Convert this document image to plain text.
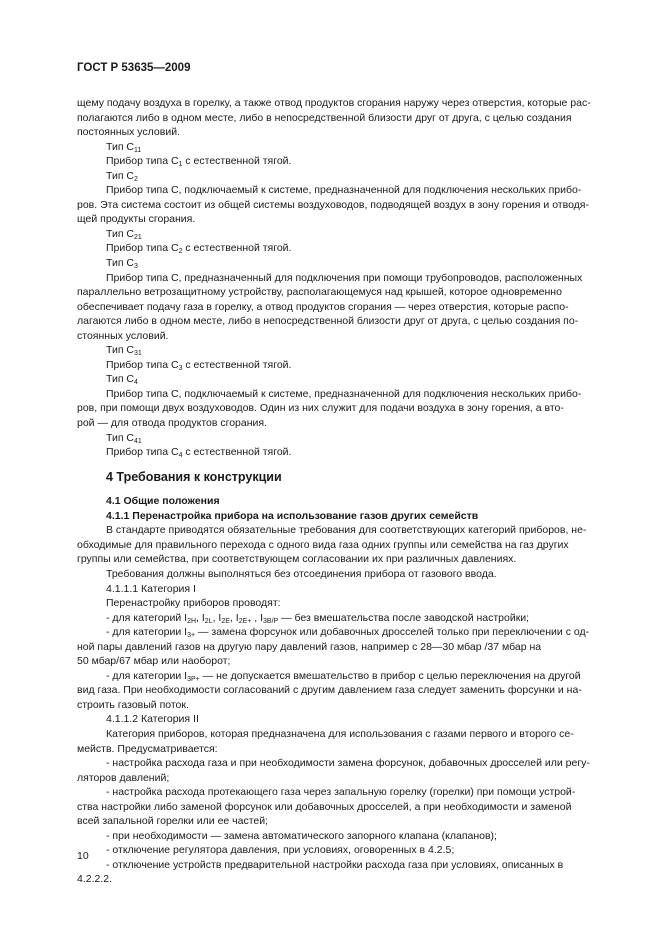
ГОСТ Р 53635—2009

щему подачу воздуха в горелку, а также отвод продуктов сгорания наружу через отверстия, которые рас-

полагаются либо в одном месте, либо в непосредственной близости друг от друга, с целью создания

постоянных условий.

Тип $C_{11}$

Прибор типа $C_1$ с естественной тягой.

Тип $C_2$

Прибор типа C, подключаемый к системе, предназначенной для подключения нескольких прибо-

ров. Эта система состоит из общей системы воздуховодов, подводящей воздух в зону горения и отводя-

щей продукты сгорания.

Тип $C_{21}$

Прибор типа $C_2$ с естественной тягой.

Тип $C_3$

Прибор типа C, предназначенный для подключения при помощи трубопроводов, расположенных

параллельно ветрозащитному устройству, располагающемуся над крышей, которое одновременно

обеспечивает подачу газа в горелку, а отвод продуктов сгорания — через отверстия, которые распо-

лагаются либо в одном месте, либо в непосредственной близости друг от друга, с целью создания по-

стоянных условий.

Тип $C_{31}$

Прибор типа $C_3$ с естественной тягой.

Тип $C_4$

Прибор типа C, подключаемый к системе, предназначенной для подключения нескольких прибо-

ров, при помощи двух воздуховодов. Один из них служит для подачи воздуха в зону горения, а вто-

рой — для отвода продуктов сгорания.

Тип $C_{41}$

Прибор типа $C_4$ с естественной тягой.

4 Требования к конструкции

4.1 Общие положения

4.1.1 Перенастройка прибора на использование газов других семейств

В стандарте приводятся обязательные требования для соответствующих категорий приборов, не-

обходимые для правильного перехода с одного вида газа одних группы или семейства на газ других

группы или семейства, при соответствующем согласовании их при различных давлениях.

Требования должны выполняться без отсоединения прибора от газового ввода.

4.1.1.1 Категория I

Перенастройку приборов проводят:

- для категорий $I_{2H}$, $I_{2L}$, $I_{2E}$, $I_{2E+}$ , $I_{3B/P}$ — без вмешательства после заводской настройки;

- для категории $I_{3+}$ — замена форсунок или добавочных дросселей только при переключении с од-

ной пары давлений газов на другую пару давлений газов, например с 28—30 мбар /37 мбар на

50 мбар/67 мбар или наоборот;

- для категории $I_{3P+}$ — не допускается вмешательство в прибор с целью переключения на другой

вид газа. При необходимости согласований с другим давлением газа следует заменить форсунки и на-

строить газовый поток.

4.1.1.2 Категория II

Категория приборов, которая предназначена для использования с газами первого и второго се-

мейств. Предусматривается:

- настройка расхода газа и при необходимости замена форсунок, добавочных дросселей или регу-

ляторов давлений;

- настройка расхода протекающего газа через запальную горелку (горелки) при помощи устрой-

ства настройки либо заменой форсунок или добавочных дросселей, а при необходимости и заменой

всей запальной горелки или ее частей;

- при необходимости — замена автоматического запорного клапана (клапанов);

- отключение регулятора давления, при условиях, оговоренных в 4.2.5;

- отключение устройств предварительной настройки расхода газа при условиях, описанных в

4.2.2.2.

10
